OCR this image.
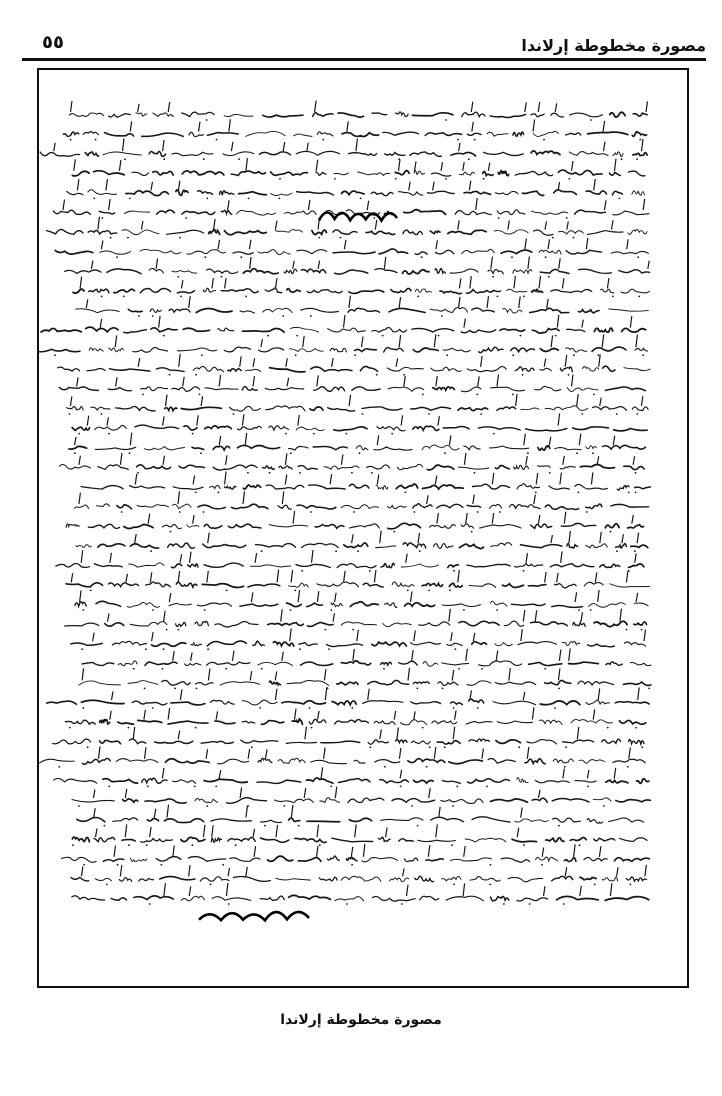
مصورة مخطوطة إرلاندا
٥٥
مصورة مخطوطة إرلاندا
